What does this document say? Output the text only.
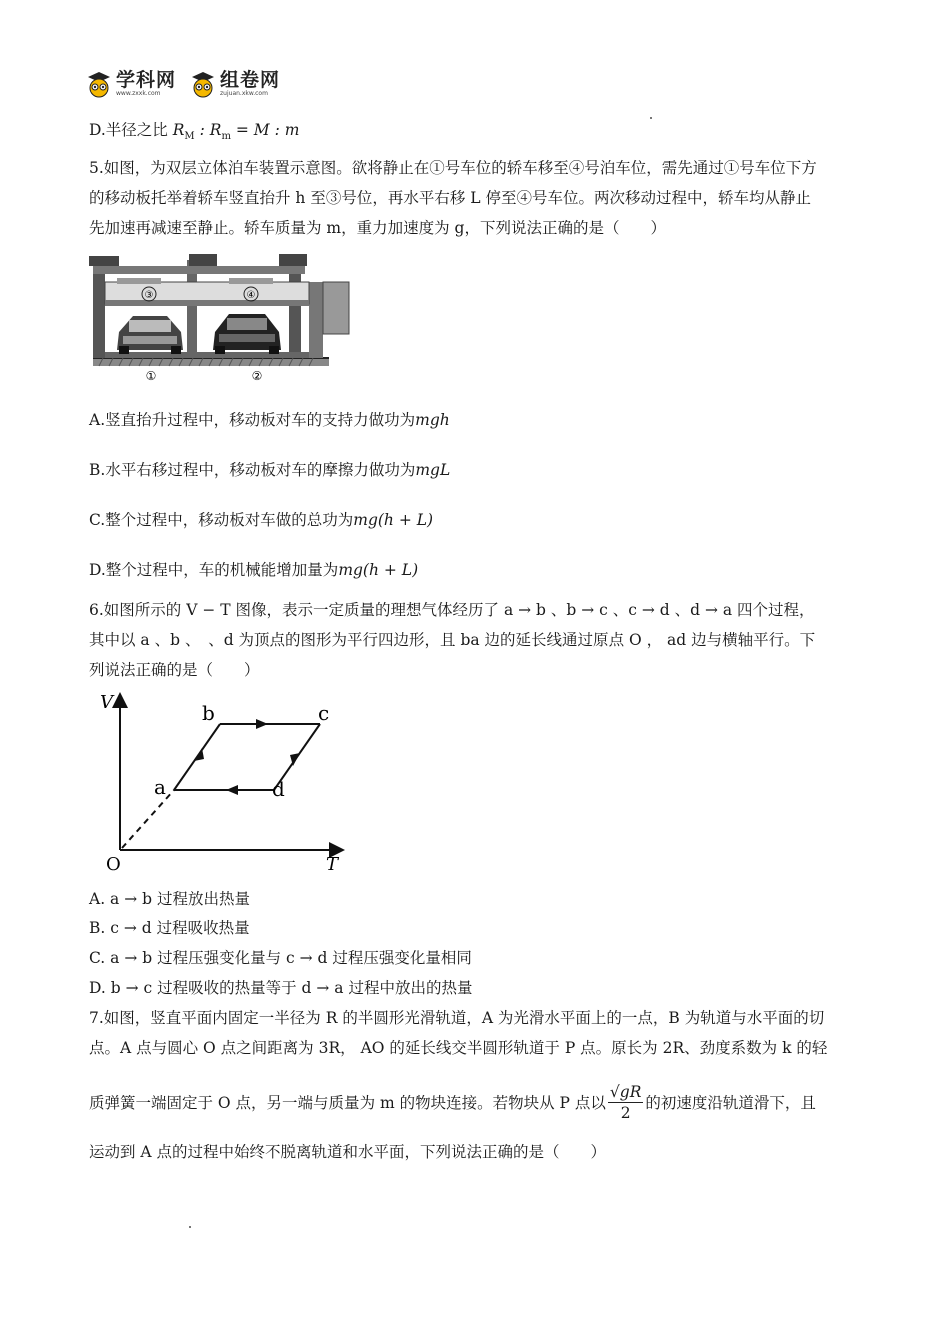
学科网
www.zxxk.com
组卷网
zujuan.xkw.com
D.半径之比 $R_M$ : $R_m = M$ : m
5.如图，为双层立体泊车装置示意图。欲将静止在①号车位的轿车移至④号泊车位，需先通过①号车位下方
的移动板托举着轿车竖直抬升 h 至③号位，再水平右移 L 停至④号车位。两次移动过程中，轿车均从静止
先加速再减速至静止。轿车质量为 m，重力加速度为 g，下列说法正确的是（　　）
③	④
①	②
A.竖直抬升过程中，移动板对车的支持力做功为mgh
B.水平右移过程中，移动板对车的摩擦力做功为mgL
C.整个过程中，移动板对车做的总功为mg(h + L)
D.整个过程中，车的机械能增加量为mg(h + L)
6.如图所示的 V − T 图像，表示一定质量的理想气体经历了 a → b 、b → c 、c → d 、d → a 四个过程，
其中以 a 、b 、　、d 为顶点的图形为平行四边形，且 ba 边的延长线通过原点 O ， ad 边与横轴平行。下
列说法正确的是（　　）
V
T
O
a
b	c
d
A. a → b 过程放出热量
B. c → d 过程吸收热量
C. a → b 过程压强变化量与 c → d 过程压强变化量相同
D. b → c 过程吸收的热量等于 d → a 过程中放出的热量
7.如图，竖直平面内固定一半径为 R 的半圆形光滑轨道，A 为光滑水平面上的一点，B 为轨道与水平面的切
点。A 点与圆心 O 点之间距离为 3R， AO 的延长线交半圆形轨道于 P 点。原长为 2R、劲度系数为 k 的轻
质弹簧一端固定于 O 点，另一端与质量为 m 的物块连接。若物块从 P 点以 $\frac{√gR}{2}$ 的初速度沿轨道滑下，且
运动到 A 点的过程中始终不脱离轨道和水平面，下列说法正确的是（　　）
